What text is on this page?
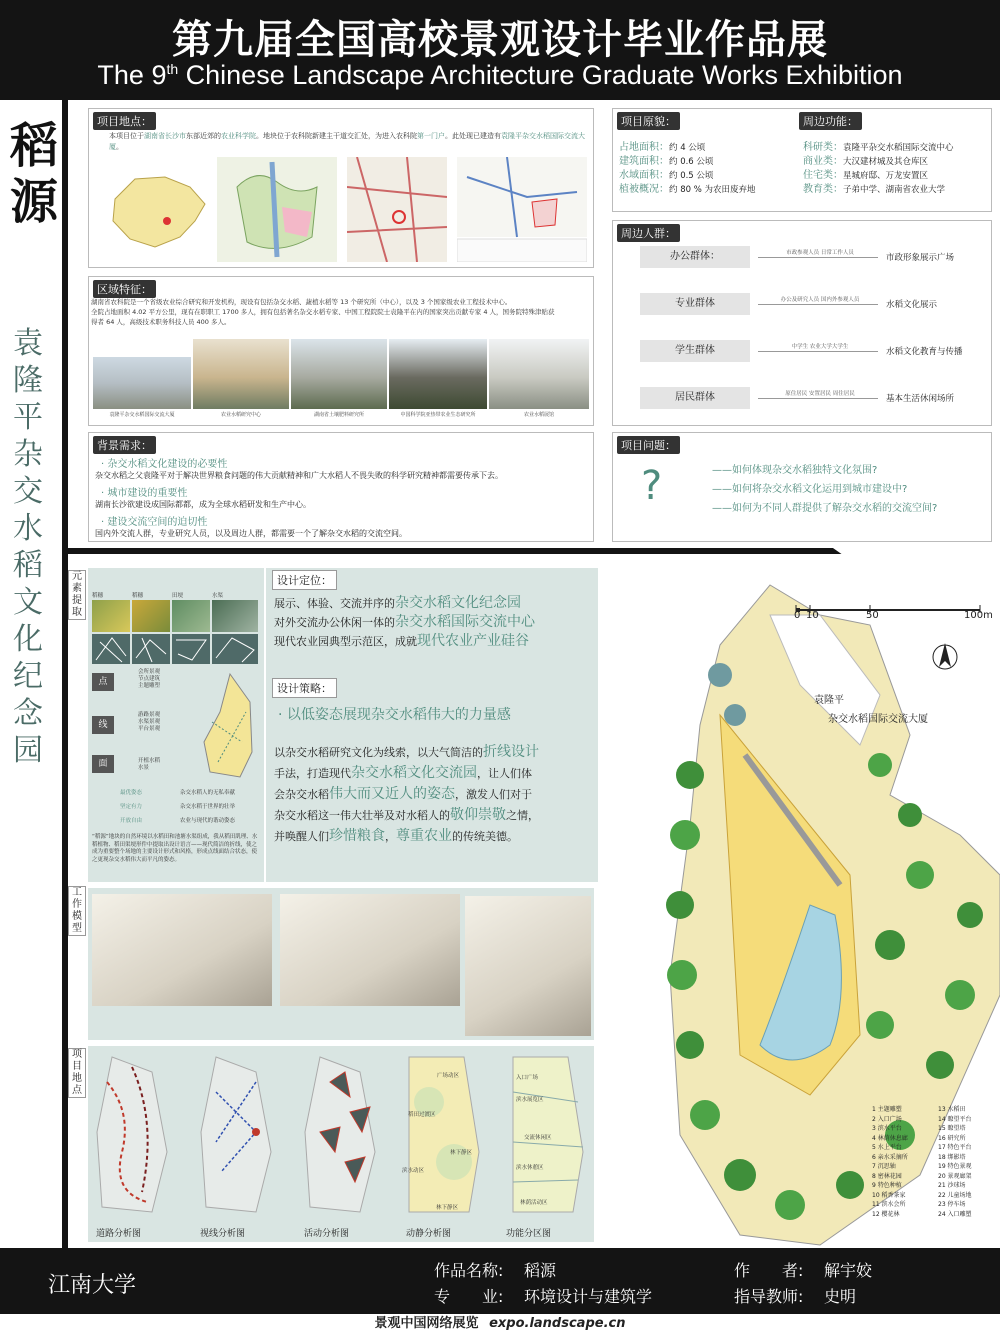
第九届全国高校景观设计毕业作品展
The 9th Chinese Landscape Architecture Graduate Works Exhibition
稻
源
袁隆平杂交水稻文化纪念园
项目地点：
本项目位于湖南省长沙市东部近郊的农业科学院。地块位于农科院新建主干道交汇处，为进入农科院第一门户。此处现已建造有袁隆平杂交水稻国际交流大厦。
项目原貌：	周边功能：
占地面积：约 4 公顷
建筑面积：约 0.6 公顷
水域面积：约 0.5 公顷
植被概况：约 80 % 为农田废弃地
科研类：袁隆平杂交水稻国际交流中心
商业类：大汉建材城及其仓库区
住宅类：星城府邸、万龙安置区
教育类：子弟中学、湖南省农业大学
区域特征：
湖南省农科院是一个省级农业综合研究和开发机构，现设有包括杂交水稻、蔬植水稻等 13 个研究所（中心），以及 3 个国家级农业工程技术中心。
全院占地面积 4.02 平方公里，现有在职职工 1700 多人，拥有包括著名杂交水稻专家、中国工程院院士袁隆平在内的国家突出贡献专家 4 人，国务院特殊津贴获
得者 64 人，高级技术职务科技人员 400 多人。
袁隆平杂交水稻国际交流大厦	农业水稻研究中心	湖南省土壤肥料研究所	中国科学院亚热带农业生态研究所	农业水稻展馆
周边人群：
办公群体：	市政参观人员 日常工作人员	市政形象展示广场
专业群体	办公及研究人员 国内外参观人员	水稻文化展示
学生群体	中学生 农业大学大学生	水稻文化教育与传播
居民群体	原住居民 安置居民 周住居民	基本生活休闲场所
背景需求：
· 杂交水稻文化建设的必要性
杂交水稻之父袁隆平对于解决世界粮食问题的伟大贡献精神和广大水稻人不畏失败的科学研究精神都需要传承下去。
· 城市建设的重要性
湖南长沙欲建设成国际都都，成为全球水稻研发和生产中心。
· 建设交流空间的迫切性
国内外交流人群，专业研究人员，以及周边人群，都需要一个了解杂交水稻的交流空间。
项目问题：
?	——如何体现杂交水稻独特文化氛围?
——如何将杂交水稻文化运用到城市建设中?
——如何为不同人群提供了解杂交水稻的交流空间?
元素提取
稻穗	稻穗	田埂	水渠
点
线
面
会所景观
节点建筑
主题雕塑
游路景观
水渠景观
平台景观
开植水稻
水景
最优姿态	杂交水稻人的无私奉献
坚定有力	杂交水稻于世界的壮举
开放自由	农业与现代的谐动姿态
“稻源”地块的自然环境以水稻田和池塘水渠组成，我从稻田肌理、水稻植物、稻田渠埂形件中提取出设计语言——现代简洁的折线，使之成为重要整个场地的主要设计形式和风格，形成点线面结合状态，使之更现杂交水稻伟大而平凡的姿态。
设计定位：
展示、体验、交流并序的杂交水稻文化纪念园
对外交流办公休闲一体的杂交水稻国际交流中心
现代农业园典型示范区，成就现代农业产业硅谷
设计策略：
· 以低姿态展现杂交水稻伟大的力量感
以杂交水稻研究文化为线索，以大气简洁的折线设计
手法，打造现代杂交水稻文化交流园，让人们体
会杂交水稻伟大而又近人的姿态，激发人们对于
杂交水稻这一伟大壮举及对水稻人的敬仰崇敬之情，
并唤醒人们珍惜粮食，尊重农业的传统美德。
工作模型
项目地点
广场动区
稻田过渡区
林下静区
滨水动区
林下静区
入口广场
滨水展览区
交流休闲区
滨水休憩区
林荫活动区
道路分析图	视线分析图	活动分析图	动静分析图	功能分区图
0 10	50	100m
袁隆平
杂交水稻国际交流大厦
1 主题雕塑
2 入口广场
3 滨水平台
4 林荫休息廊
5 水上平台
6 亲水采摘所
7 沉思轴
8 密林花园
9 特色种植
10 稻香茶家
11 滨水会所
12 樱花林
13 水稻田
14 瞭望平台
15 瞭望塔
16 研究所
17 特色平台
18 绑影塔
19 特色景观
20 景观廊架
21 沙球场
22 儿童场地
23 停车场
24 入口雕塑
江南大学
作品名称: 稻源
专　　业: 环境设计与建筑学
作　　者: 解宇姣
指导教师: 史明
景观中国网络展览 expo.landscape.cn
